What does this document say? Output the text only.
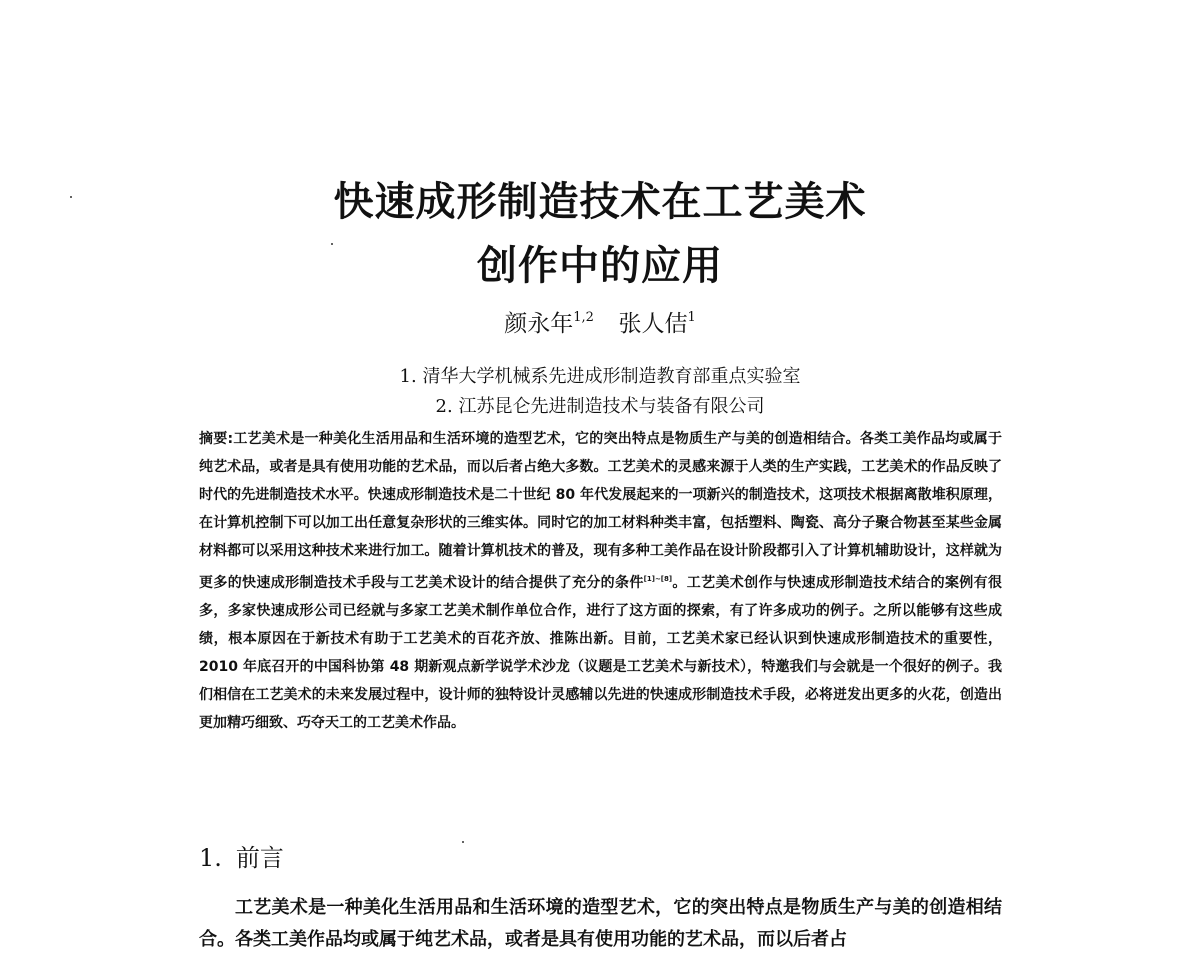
快速成形制造技术在工艺美术
创作中的应用
颜永年$^{1,2}$ 张人佶$^1$
1. 清华大学机械系先进成形制造教育部重点实验室
2. 江苏昆仑先进制造技术与装备有限公司
摘要:工艺美术是一种美化生活用品和生活环境的造型艺术，它的突出特点是物质生产与美的创造相结合。各类工美作品均或属于纯艺术品，或者是具有使用功能的艺术品，而以后者占绝大多数。工艺美术的灵感来源于人类的生产实践，工艺美术的作品反映了时代的先进制造技术水平。快速成形制造技术是二十世纪 80 年代发展起来的一项新兴的制造技术，这项技术根据离散堆积原理，在计算机控制下可以加工出任意复杂形状的三维实体。同时它的加工材料种类丰富，包括塑料、陶瓷、高分子聚合物甚至某些金属材料都可以采用这种技术来进行加工。随着计算机技术的普及，现有多种工美作品在设计阶段都引入了计算机辅助设计，这样就为更多的快速成形制造技术手段与工艺美术设计的结合提供了充分的条件[1]~[8]。工艺美术创作与快速成形制造技术结合的案例有很多，多家快速成形公司已经就与多家工艺美术制作单位合作，进行了这方面的探索，有了许多成功的例子。之所以能够有这些成绩，根本原因在于新技术有助于工艺美术的百花齐放、推陈出新。目前，工艺美术家已经认识到快速成形制造技术的重要性，2010 年底召开的中国科协第 48 期新观点新学说学术沙龙（议题是工艺美术与新技术），特邀我们与会就是一个很好的例子。我们相信在工艺美术的未来发展过程中，设计师的独特设计灵感辅以先进的快速成形制造技术手段，必将迸发出更多的火花，创造出更加精巧细致、巧夺天工的工艺美术作品。
1. 前言
工艺美术是一种美化生活用品和生活环境的造型艺术，它的突出特点是物质生产与美的创造相结合。各类工美作品均或属于纯艺术品，或者是具有使用功能的艺术品，而以后者占
